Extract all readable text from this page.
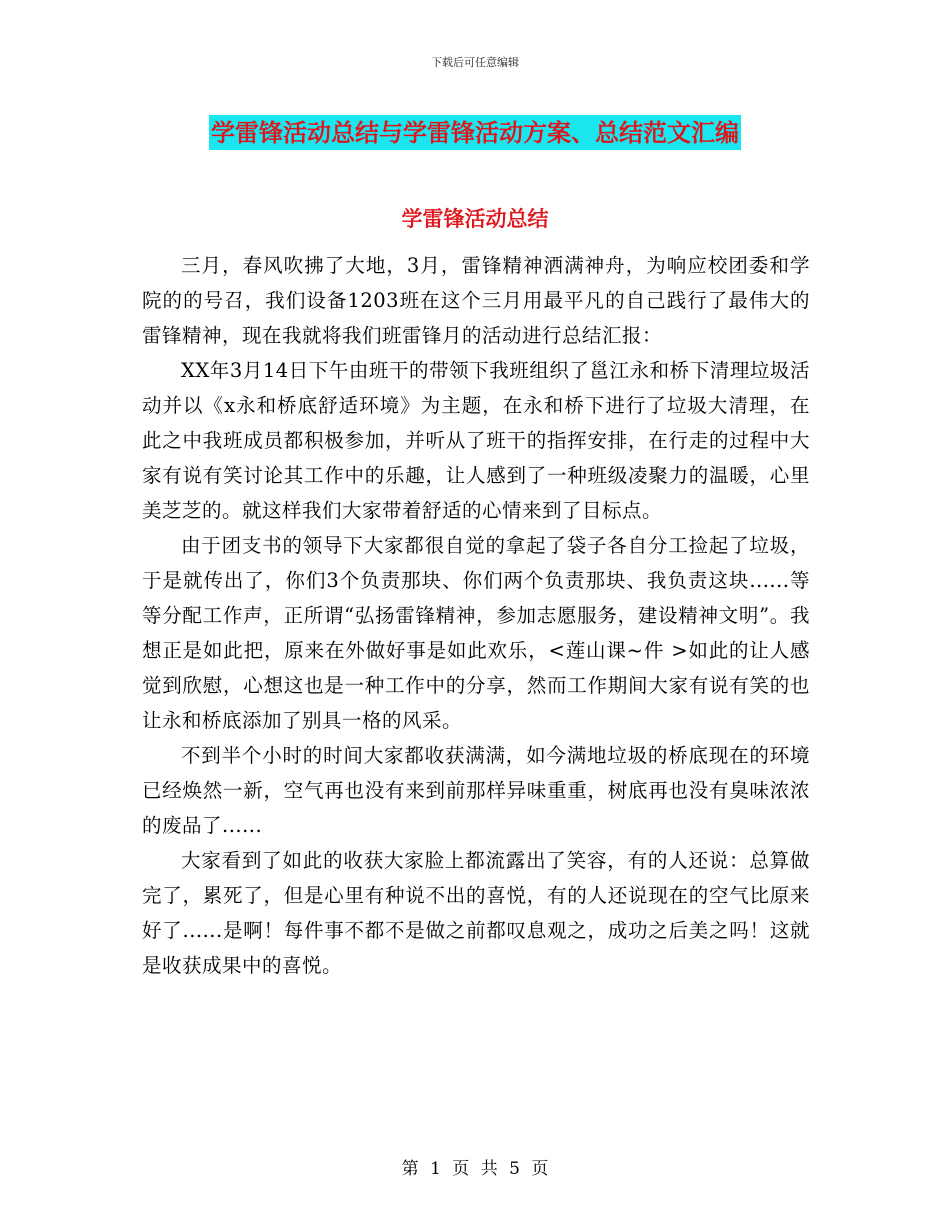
下载后可任意编辑
学雷锋活动总结与学雷锋活动方案、总结范文汇编
学雷锋活动总结

三月，春风吹拂了大地，3月，雷锋精神洒满神舟，为响应校团委和学院的的号召，我们设备1203班在这个三月用最平凡的自己践行了最伟大的雷锋精神，现在我就将我们班雷锋月的活动进行总结汇报：

XX年3月14日下午由班干的带领下我班组织了邕江永和桥下清理垃圾活动并以《x永和桥底舒适环境》为主题，在永和桥下进行了垃圾大清理，在此之中我班成员都积极参加，并听从了班干的指挥安排，在行走的过程中大家有说有笑讨论其工作中的乐趣，让人感到了一种班级凌聚力的温暖，心里美芝芝的。就这样我们大家带着舒适的心情来到了目标点。

由于团支书的领导下大家都很自觉的拿起了袋子各自分工捡起了垃圾，于是就传出了，你们3个负责那块、你们两个负责那块、我负责这块......等等分配工作声，正所谓“弘扬雷锋精神，参加志愿服务，建设精神文明”。我想正是如此把，原来在外做好事是如此欢乐，<莲山课~件 >如此的让人感觉到欣慰，心想这也是一种工作中的分享，然而工作期间大家有说有笑的也让永和桥底添加了别具一格的风采。

不到半个小时的时间大家都收获满满，如今满地垃圾的桥底现在的环境已经焕然一新，空气再也没有来到前那样异味重重，树底再也没有臭味浓浓的废品了......

大家看到了如此的收获大家脸上都流露出了笑容，有的人还说：总算做完了，累死了，但是心里有种说不出的喜悦，有的人还说现在的空气比原来好了......是啊！每件事不都不是做之前都叹息观之，成功之后美之吗！这就是收获成果中的喜悦。

第 1 页 共 5 页
